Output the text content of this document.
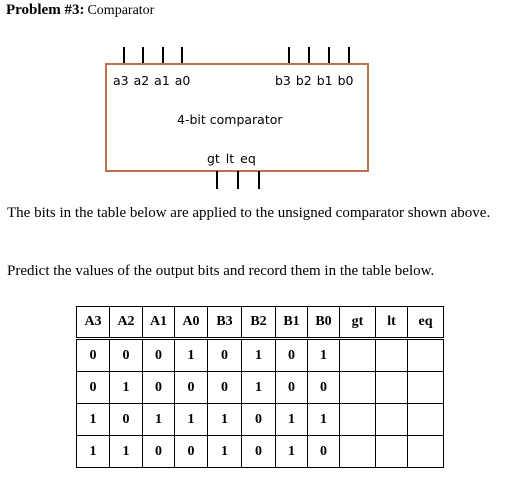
Problem #3: Comparator
a3 a2 a1 a0	b3 b2 b1 b0
4-bit comparator
gt lt eq
The bits in the table below are applied to the unsigned comparator shown above.
Predict the values of the output bits and record them in the table below.
A3	A2	A1	A0	B3	B2	B1	B0	gt	lt	eq
0	0	0	1	0	1	0	1			
0	1	0	0	0	1	0	0			
1	0	1	1	1	0	1	1			
1	1	0	0	1	0	1	0			
